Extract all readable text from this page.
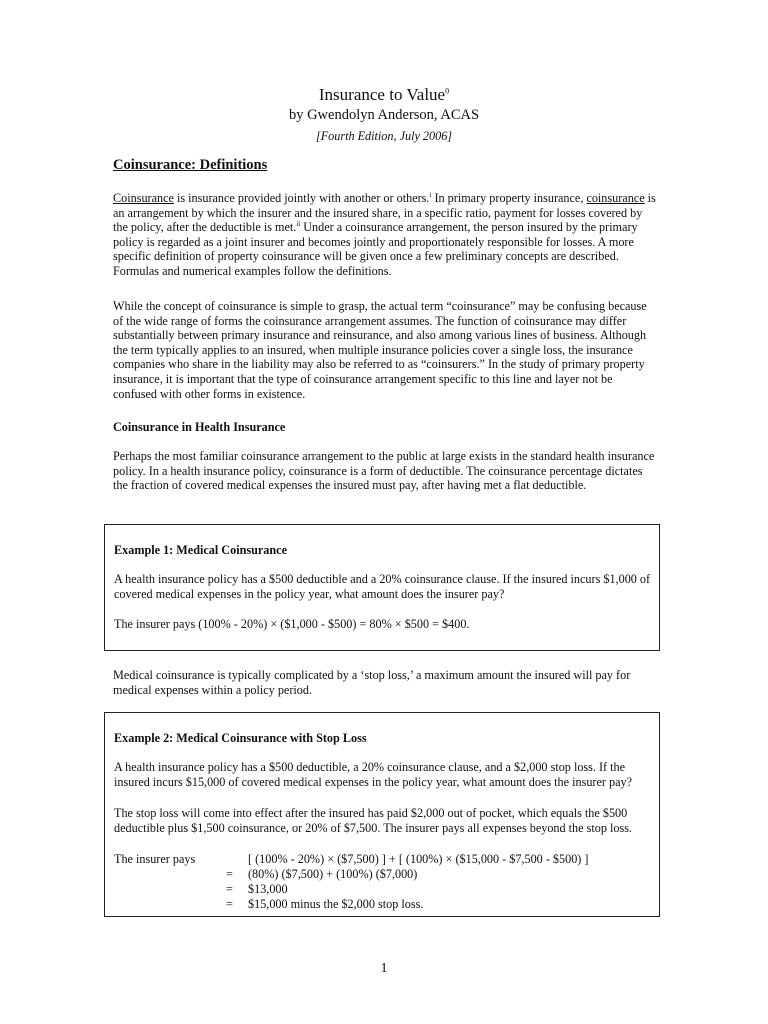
Insurance to Value$^0$
by Gwendolyn Anderson, ACAS
[Fourth Edition, July 2006]
Coinsurance: Definitions

Coinsurance is insurance provided jointly with another or others.$^i$ In primary property insurance, coinsurance is an arrangement by which the insurer and the insured share, in a specific ratio, payment for losses covered by the policy, after the deductible is met.$^{ii}$ Under a coinsurance arrangement, the person insured by the primary policy is regarded as a joint insurer and becomes jointly and proportionately responsible for losses. A more specific definition of property coinsurance will be given once a few preliminary concepts are described. Formulas and numerical examples follow the definitions.

While the concept of coinsurance is simple to grasp, the actual term “coinsurance” may be confusing because of the wide range of forms the coinsurance arrangement assumes. The function of coinsurance may differ substantially between primary insurance and reinsurance, and also among various lines of business. Although the term typically applies to an insured, when multiple insurance policies cover a single loss, the insurance companies who share in the liability may also be referred to as “coinsurers.” In the study of primary property insurance, it is important that the type of coinsurance arrangement specific to this line and layer not be confused with other forms in existence.

Coinsurance in Health Insurance

Perhaps the most familiar coinsurance arrangement to the public at large exists in the standard health insurance policy. In a health insurance policy, coinsurance is a form of deductible. The coinsurance percentage dictates the fraction of covered medical expenses the insured must pay, after having met a flat deductible.

Example 1: Medical Coinsurance

A health insurance policy has a $500 deductible and a 20% coinsurance clause. If the insured incurs $1,000 of covered medical expenses in the policy year, what amount does the insurer pay?

The insurer pays (100% - 20%) × ($1,000 - $500) = 80% × $500 = $400.

Medical coinsurance is typically complicated by a ‘stop loss,’ a maximum amount the insured will pay for medical expenses within a policy period.

Example 2: Medical Coinsurance with Stop Loss

A health insurance policy has a $500 deductible, a 20% coinsurance clause, and a $2,000 stop loss. If the insured incurs $15,000 of covered medical expenses in the policy year, what amount does the insurer pay?

The stop loss will come into effect after the insured has paid $2,000 out of pocket, which equals the $500 deductible plus $1,500 coinsurance, or 20% of $7,500. The insurer pays all expenses beyond the stop loss.

The insurer pays	[ (100% - 20%) × ($7,500) ] + [ (100%) × ($15,000 - $7,500 - $500) ]
= (80%) ($7,500) + (100%) ($7,000)
= $13,000
= $15,000 minus the $2,000 stop loss.
1
